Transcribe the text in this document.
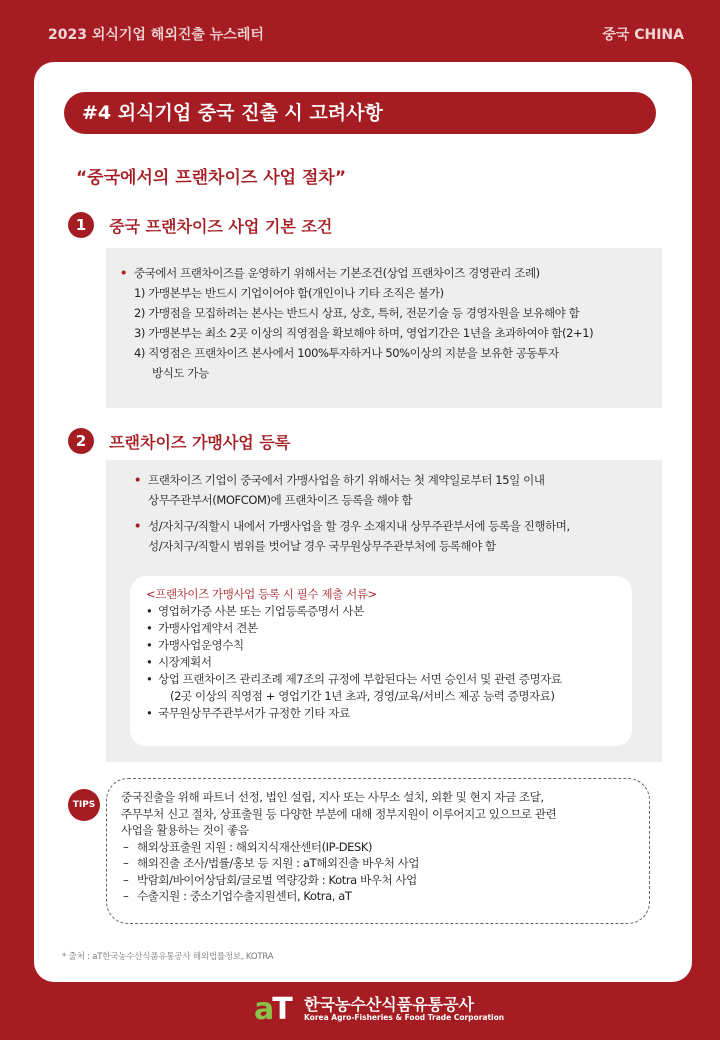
2023 외식기업 해외진출 뉴스레터	중국 CHINA
#4 외식기업 중국 진출 시 고려사항
“중국에서의 프랜차이즈 사업 절차”
1 중국 프랜차이즈 사업 기본 조건
• 중국에서 프랜차이즈를 운영하기 위해서는 기본조건(상업 프랜차이즈 경영관리 조례)
1) 가맹본부는 반드시 기업이어야 함(개인이나 기타 조직은 불가)
2) 가맹점을 모집하려는 본사는 반드시 상표, 상호, 특허, 전문기술 등 경영자원을 보유해야 함
3) 가맹본부는 최소 2곳 이상의 직영점을 확보해야 하며, 영업기간은 1년을 초과하여야 함(2+1)
4) 직영점은 프랜차이즈 본사에서 100%투자하거나 50%이상의 지분을 보유한 공동투자
방식도 가능
2 프랜차이즈 가맹사업 등록
• 프랜차이즈 기업이 중국에서 가맹사업을 하기 위해서는 첫 계약일로부터 15일 이내
상무주관부서(MOFCOM)에 프랜차이즈 등록을 해야 함
• 성/자치구/직할시 내에서 가맹사업을 할 경우 소재지내 상무주관부서에 등록을 진행하며,
성/자치구/직할시 범위를 벗어날 경우 국무원상무주관부처에 등록해야 함
<프랜차이즈 가맹사업 등록 시 필수 제출 서류>
• 영업허가증 사본 또는 기업등록증명서 사본
• 가맹사업계약서 견본
• 가맹사업운영수칙
• 시장계획서
• 상업 프랜차이즈 관리조례 제7조의 규정에 부합된다는 서면 승인서 및 관련 증명자료
(2곳 이상의 직영점 + 영업기간 1년 초과, 경영/교육/서비스 제공 능력 증명자료)
• 국무원상무주관부서가 규정한 기타 자료
TIPS
중국진출을 위해 파트너 선정, 법인 설립, 지사 또는 사무소 설치, 외환 및 현지 자금 조달,
주무부처 신고 절차, 상표출원 등 다양한 부분에 대해 정부지원이 이루어지고 있으므로 관련
사업을 활용하는 것이 좋음
– 해외상표출원 지원 : 해외지식재산센터(IP-DESK)
– 해외진출 조사/법률/홍보 등 지원 : aT해외진출 바우처 사업
– 박람회/바이어상담회/글로벌 역량강화 : Kotra 바우처 사업
– 수출지원 : 중소기업수출지원센터, Kotra, aT
* 출처 : aT한국농수산식품유통공사 해외법률정보, KOTRA
aT 한국농수산식품유통공사
Korea Agro-Fisheries & Food Trade Corporation
